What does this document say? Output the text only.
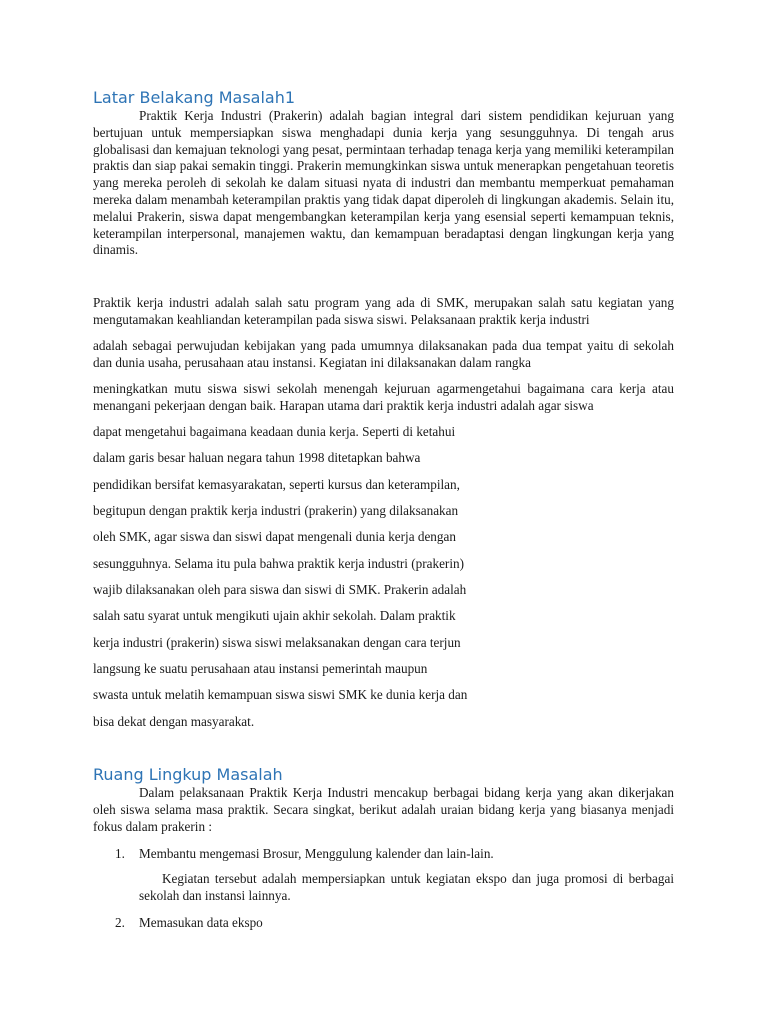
Latar Belakang Masalah1

Praktik Kerja Industri (Prakerin) adalah bagian integral dari sistem pendidikan kejuruan yang bertujuan untuk mempersiapkan siswa menghadapi dunia kerja yang sesungguhnya. Di tengah arus globalisasi dan kemajuan teknologi yang pesat, permintaan terhadap tenaga kerja yang memiliki keterampilan praktis dan siap pakai semakin tinggi. Prakerin memungkinkan siswa untuk menerapkan pengetahuan teoretis yang mereka peroleh di sekolah ke dalam situasi nyata di industri dan membantu memperkuat pemahaman mereka dalam menambah keterampilan praktis yang tidak dapat diperoleh di lingkungan akademis. Selain itu, melalui Prakerin, siswa dapat mengembangkan keterampilan kerja yang esensial seperti kemampuan teknis, keterampilan interpersonal, manajemen waktu, dan kemampuan beradaptasi dengan lingkungan kerja yang dinamis.

Praktik kerja industri adalah salah satu program yang ada di SMK, merupakan salah satu kegiatan yang mengutamakan keahliandan keterampilan pada siswa siswi. Pelaksanaan praktik kerja industri

adalah sebagai perwujudan kebijakan yang pada umumnya dilaksanakan pada dua tempat yaitu di sekolah dan dunia usaha, perusahaan atau instansi. Kegiatan ini dilaksanakan dalam rangka

meningkatkan mutu siswa siswi sekolah menengah kejuruan agarmengetahui bagaimana cara kerja atau menangani pekerjaan dengan baik. Harapan utama dari praktik kerja industri adalah agar siswa

dapat mengetahui bagaimana keadaan dunia kerja. Seperti di ketahui

dalam garis besar haluan negara tahun 1998 ditetapkan bahwa

pendidikan bersifat kemasyarakatan, seperti kursus dan keterampilan,

begitupun dengan praktik kerja industri (prakerin) yang dilaksanakan

oleh SMK, agar siswa dan siswi dapat mengenali dunia kerja dengan

sesungguhnya. Selama itu pula bahwa praktik kerja industri (prakerin)

wajib dilaksanakan oleh para siswa dan siswi di SMK. Prakerin adalah

salah satu syarat untuk mengikuti ujain akhir sekolah. Dalam praktik

kerja industri (prakerin) siswa siswi melaksanakan dengan cara terjun

langsung ke suatu perusahaan atau instansi pemerintah maupun

swasta untuk melatih kemampuan siswa siswi SMK ke dunia kerja dan

bisa dekat dengan masyarakat.

Ruang Lingkup Masalah

Dalam pelaksanaan Praktik Kerja Industri mencakup berbagai bidang kerja yang akan dikerjakan oleh siswa selama masa praktik. Secara singkat, berikut adalah uraian bidang kerja yang biasanya menjadi fokus dalam prakerin :

1. Membantu mengemasi Brosur, Menggulung kalender dan lain-lain.

Kegiatan tersebut adalah mempersiapkan untuk kegiatan ekspo dan juga promosi di berbagai sekolah dan instansi lainnya.

2. Memasukan data ekspo
